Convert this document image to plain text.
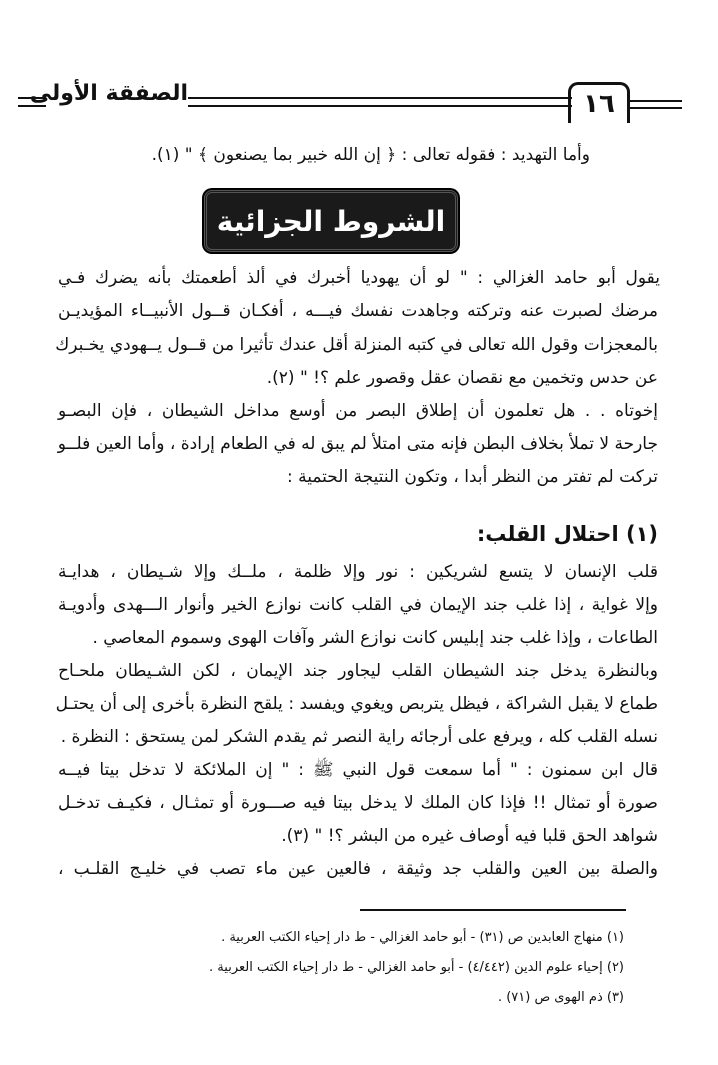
١٦
الصفقة الأولى
وأما التهديد : فقوله تعالى : ﴿ إن الله خبير بما يصنعون ﴾ " (١).
الشروط الجزائية
يقول أبو حامد الغزالي : " لو أن يهوديا أخبرك في ألذ أطعمتك بأنه يضرك فـي
مرضك لصبرت عنه وتركته وجاهدت نفسك فيـــه ، أفكـان قــول الأنبيــاء المؤيديـن
بالمعجزات وقول الله تعالى في كتبه المنزلة أقل عندك تأثيرا من قــول يــهودي يخـبرك
عن حدس وتخمين مع نقصان عقل وقصور علم ؟! " (٢).
إخوتاه . . هل تعلمون أن إطلاق البصر من أوسع مداخل الشيطان ، فإن البصـو
جارحة لا تملأ بخلاف البطن فإنه متى امتلأ لم يبق له في الطعام إرادة ، وأما العين فلــو
تركت لم تفتر من النظر أبدا ، وتكون النتيجة الحتمية :
(١) احتلال القلب:
قلب الإنسان لا يتسع لشريكين : نور وإلا ظلمة ، ملــك وإلا شـيطان ، هدايـة
وإلا غواية ، إذا غلب جند الإيمان في القلب كانت نوازع الخير وأنوار الـــهدى وأدويـة
الطاعات ، وإذا غلب جند إبليس كانت نوازع الشر وآفات الهوى وسموم المعاصي .
وبالنظرة يدخل جند الشيطان القلب ليجاور جند الإيمان ، لكن الشـيطان ملحـاح
طماع لا يقبل الشراكة ، فيظل يتربص ويغوي ويفسد : يلقح النظرة بأخرى إلى أن يحتـل
نسله القلب كله ، ويرفع على أرجائه راية النصر ثم يقدم الشكر لمن يستحق : النظرة .
قال ابن سمنون : " أما سمعت قول النبي ﷺ : " إن الملائكة لا تدخل بيتا فيــه
صورة أو تمثال !! فإذا كان الملك لا يدخل بيتا فيه صـــورة أو تمثـال ، فكيـف تدخـل
شواهد الحق قلبا فيه أوصاف غيره من البشر ؟! " (٣).
والصلة بين العين والقلب جد وثيقة ، فالعين عين ماء تصب في خليـج القلـب ،
(١) منهاج العابدين ص (٣١) - أبو حامد الغزالي - ط دار إحياء الكتب العربية .
(٢) إحياء علوم الدين (٤/٤٤٢) - أبو حامد الغزالي - ط دار إحياء الكتب العربية .
(٣) ذم الهوى ص (٧١) .
